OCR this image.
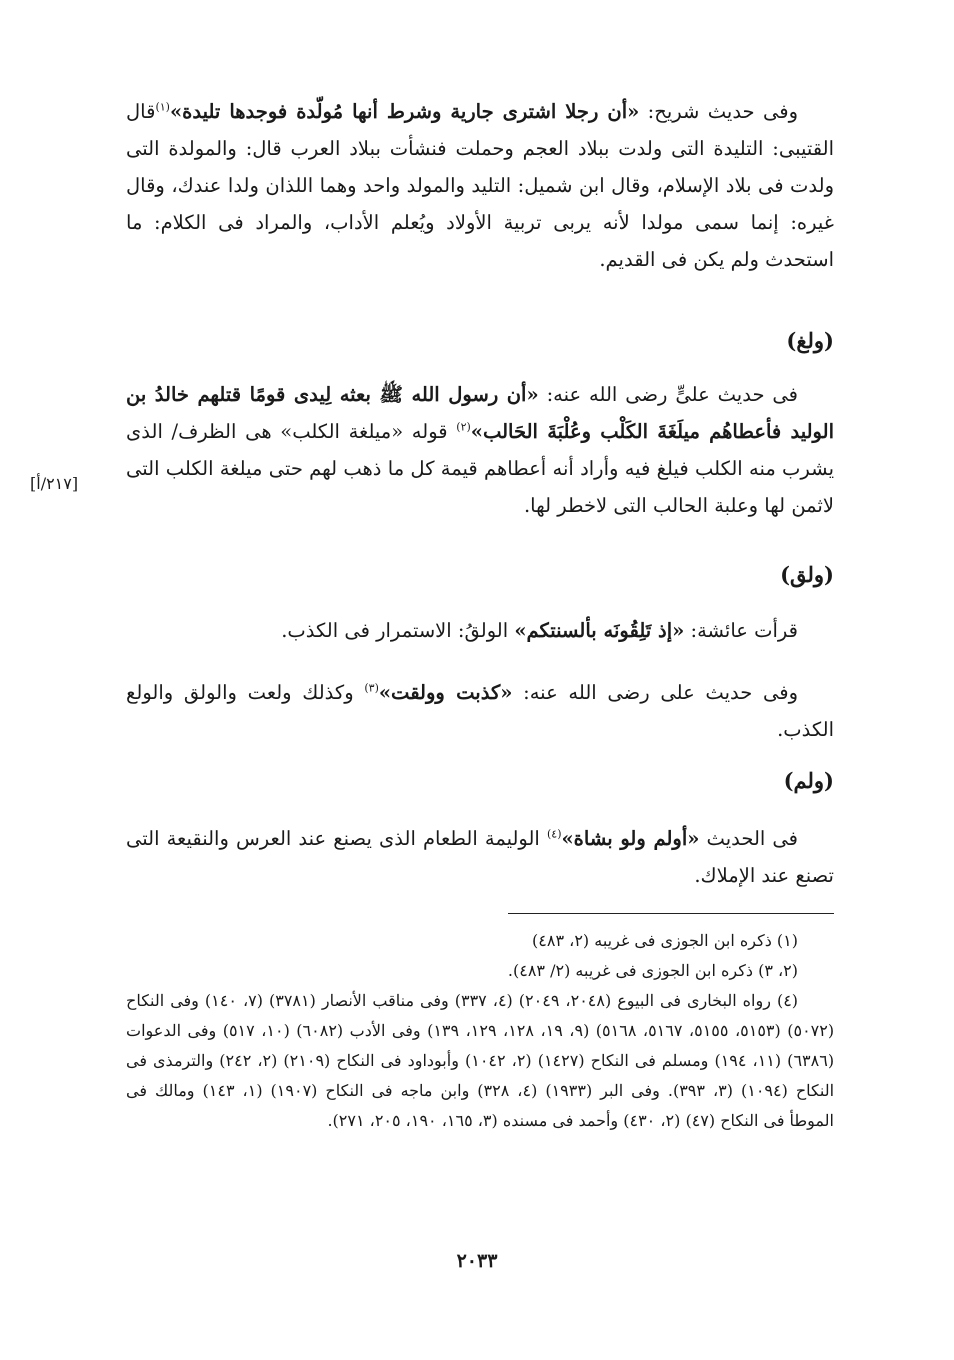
وفى حديث شريح: «أن رجلا اشترى جارية وشرط أنها مُولّدة فوجدها تليدة»$^{(١)}$قال القتيبى: التليدة التى ولدت ببلاد العجم وحملت فنشأت ببلاد العرب قال: والمولدة التى ولدت فى بلاد الإسلام، وقال ابن شميل: التليد والمولد واحد وهما اللذان ولدا عندك، وقال غيره: إنما سمى مولدا لأنه يربى تربية الأولاد ويُعلم الأداب، والمراد فى الكلام: ما استحدث ولم يكن فى القديم.

(ولغ)

فى حديث علىٍّ رضى الله عنه: «أن رسول الله ﷺ بعثه لِيدى قومًا قتلهم خالدُ بن الوليد فأعطاهُم ميلَغَةَ الكَلْب وعُلْبَةَ الحَالب»$^{(٢)}$ قوله «ميلغة الكلب» هى الظرف/ الذى يشرب منه الكلب فيلغ فيه وأراد أنه أعطاهم قيمة كل ما ذهب لهم حتى ميلغة الكلب التى لاثمن لها وعلبة الحالب التى لاخطر لها.

[٢١٧/أ]
(ولق)

قرأت عائشة: «إذ تَلِقُونَه بألسنتكم» الولقُ: الاستمرار فى الكذب.

وفى حديث على رضى الله عنه: «كذبت وولقت»$^{(٣)}$ وكذلك ولعت والولق والولع الكذب.

(ولم)

فى الحديث «أولم ولو بشاة»$^{(٤)}$ الوليمة الطعام الذى يصنع عند العرس والنقيعة التى تصنع عند الإملاك.

(١) ذكره ابن الجوزى فى غريبه (٢، ٤٨٣)

(٢، ٣) ذكره ابن الجوزى فى غريبه (٢/ ٤٨٣).

(٤) رواه البخارى فى البيوع (٢٠٤٨، ٢٠٤٩) (٤، ٣٣٧) وفى مناقب الأنصار (٣٧٨١) (٧، ١٤٠) وفى النكاح (٥٠٧٢) (٥١٥٣، ٥١٥٥، ٥١٦٧، ٥١٦٨) (٩، ١٩، ١٢٨، ١٢٩، ١٣٩) وفى الأدب (٦٠٨٢) (١٠، ٥١٧) وفى الدعوات (٦٣٨٦) (١١، ١٩٤) ومسلم فى النكاح (١٤٢٧) (٢، ١٠٤٢) وأبوداود فى النكاح (٢١٠٩) (٢، ٢٤٢) والترمذى فى النكاح (١٠٩٤) (٣، ٣٩٣). وفى البر (١٩٣٣) (٤، ٣٢٨) وابن ماجه فى النكاح (١٩٠٧) (١، ١٤٣) ومالك فى الموطأ فى النكاح (٤٧) (٢، ٤٣٠) وأحمد فى مسنده (٣، ١٦٥، ١٩٠، ٢٠٥، ٢٧١).

٢٠٣٣
